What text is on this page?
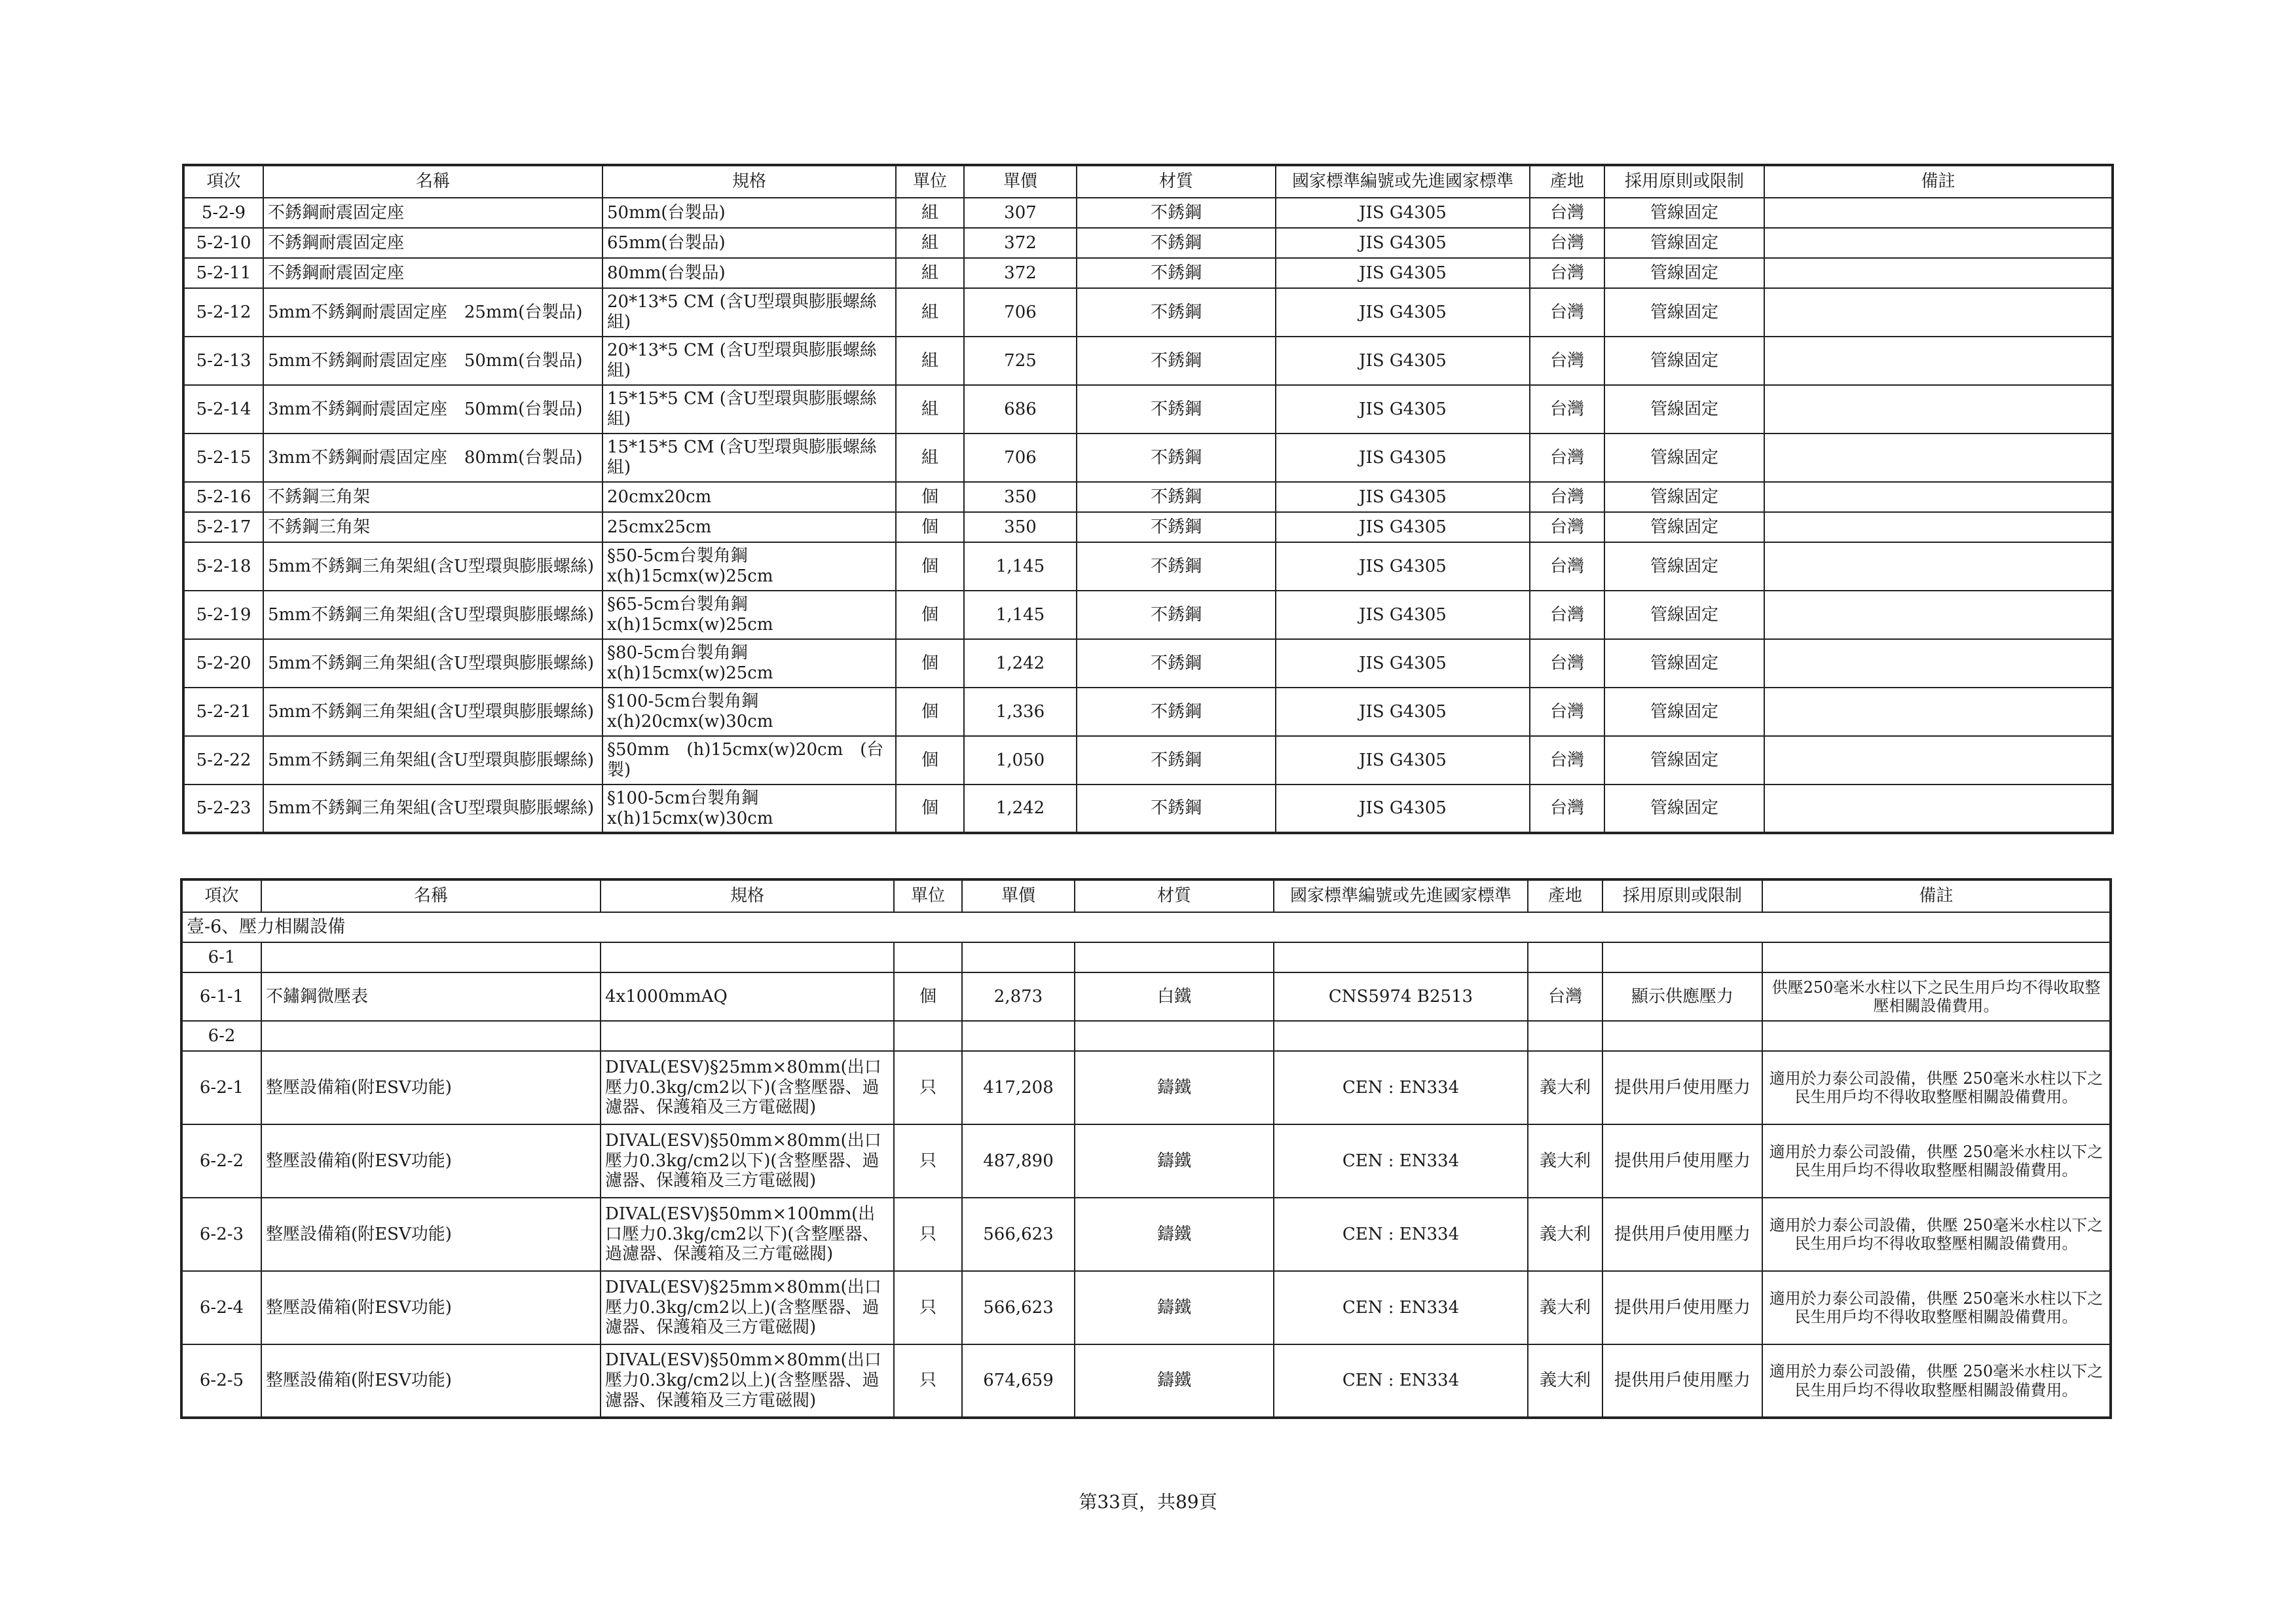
項次	名稱	規格	單位	單價	材質	國家標準編號或先進國家標準	產地	採用原則或限制	備註
5-2-9	不銹鋼耐震固定座	50mm(台製品)	組	307	不銹鋼	JIS G4305	台灣	管線固定	
5-2-10	不銹鋼耐震固定座	65mm(台製品)	組	372	不銹鋼	JIS G4305	台灣	管線固定	
5-2-11	不銹鋼耐震固定座	80mm(台製品)	組	372	不銹鋼	JIS G4305	台灣	管線固定	
5-2-12	5mm不銹鋼耐震固定座　25mm(台製品)	20*13*5 CM (含U型環與膨脹螺絲組)	組	706	不銹鋼	JIS G4305	台灣	管線固定	
5-2-13	5mm不銹鋼耐震固定座　50mm(台製品)	20*13*5 CM (含U型環與膨脹螺絲組)	組	725	不銹鋼	JIS G4305	台灣	管線固定	
5-2-14	3mm不銹鋼耐震固定座　50mm(台製品)	15*15*5 CM (含U型環與膨脹螺絲組)	組	686	不銹鋼	JIS G4305	台灣	管線固定	
5-2-15	3mm不銹鋼耐震固定座　80mm(台製品)	15*15*5 CM (含U型環與膨脹螺絲組)	組	706	不銹鋼	JIS G4305	台灣	管線固定	
5-2-16	不銹鋼三角架	20cmx20cm	個	350	不銹鋼	JIS G4305	台灣	管線固定	
5-2-17	不銹鋼三角架	25cmx25cm	個	350	不銹鋼	JIS G4305	台灣	管線固定	
5-2-18	5mm不銹鋼三角架組(含U型環與膨脹螺絲)	§50-5cm台製角鋼x(h)15cmx(w)25cm	個	1,145	不銹鋼	JIS G4305	台灣	管線固定	
5-2-19	5mm不銹鋼三角架組(含U型環與膨脹螺絲)	§65-5cm台製角鋼x(h)15cmx(w)25cm	個	1,145	不銹鋼	JIS G4305	台灣	管線固定	
5-2-20	5mm不銹鋼三角架組(含U型環與膨脹螺絲)	§80-5cm台製角鋼x(h)15cmx(w)25cm	個	1,242	不銹鋼	JIS G4305	台灣	管線固定	
5-2-21	5mm不銹鋼三角架組(含U型環與膨脹螺絲)	§100-5cm台製角鋼x(h)20cmx(w)30cm	個	1,336	不銹鋼	JIS G4305	台灣	管線固定	
5-2-22	5mm不銹鋼三角架組(含U型環與膨脹螺絲)	§50mm　(h)15cmx(w)20cm　(台製)	個	1,050	不銹鋼	JIS G4305	台灣	管線固定	
5-2-23	5mm不銹鋼三角架組(含U型環與膨脹螺絲)	§100-5cm台製角鋼x(h)15cmx(w)30cm	個	1,242	不銹鋼	JIS G4305	台灣	管線固定	
項次	名稱	規格	單位	單價	材質	國家標準編號或先進國家標準	產地	採用原則或限制	備註
壹-6、壓力相關設備									
6-1									
6-1-1	不鏽鋼微壓表	4x1000mmAQ	個	2,873	白鐵	CNS5974 B2513	台灣	顯示供應壓力	供壓250毫米水柱以下之民生用戶均不得收取整壓相關設備費用。
6-2									
6-2-1	整壓設備箱(附ESV功能)	DIVAL(ESV)§25mm×80mm(出口壓力0.3kg/cm2以下)(含整壓器、過濾器、保護箱及三方電磁閥)	只	417,208	鑄鐵	CEN : EN334	義大利	提供用戶使用壓力	適用於力泰公司設備，供壓 250毫米水柱以下之民生用戶均不得收取整壓相關設備費用。
6-2-2	整壓設備箱(附ESV功能)	DIVAL(ESV)§50mm×80mm(出口壓力0.3kg/cm2以下)(含整壓器、過濾器、保護箱及三方電磁閥)	只	487,890	鑄鐵	CEN : EN334	義大利	提供用戶使用壓力	適用於力泰公司設備，供壓 250毫米水柱以下之民生用戶均不得收取整壓相關設備費用。
6-2-3	整壓設備箱(附ESV功能)	DIVAL(ESV)§50mm×100mm(出口壓力0.3kg/cm2以下)(含整壓器、過濾器、保護箱及三方電磁閥)	只	566,623	鑄鐵	CEN : EN334	義大利	提供用戶使用壓力	適用於力泰公司設備，供壓 250毫米水柱以下之民生用戶均不得收取整壓相關設備費用。
6-2-4	整壓設備箱(附ESV功能)	DIVAL(ESV)§25mm×80mm(出口壓力0.3kg/cm2以上)(含整壓器、過濾器、保護箱及三方電磁閥)	只	566,623	鑄鐵	CEN : EN334	義大利	提供用戶使用壓力	適用於力泰公司設備，供壓 250毫米水柱以下之民生用戶均不得收取整壓相關設備費用。
6-2-5	整壓設備箱(附ESV功能)	DIVAL(ESV)§50mm×80mm(出口壓力0.3kg/cm2以上)(含整壓器、過濾器、保護箱及三方電磁閥)	只	674,659	鑄鐵	CEN : EN334	義大利	提供用戶使用壓力	適用於力泰公司設備，供壓 250毫米水柱以下之民生用戶均不得收取整壓相關設備費用。
第33頁，共89頁
